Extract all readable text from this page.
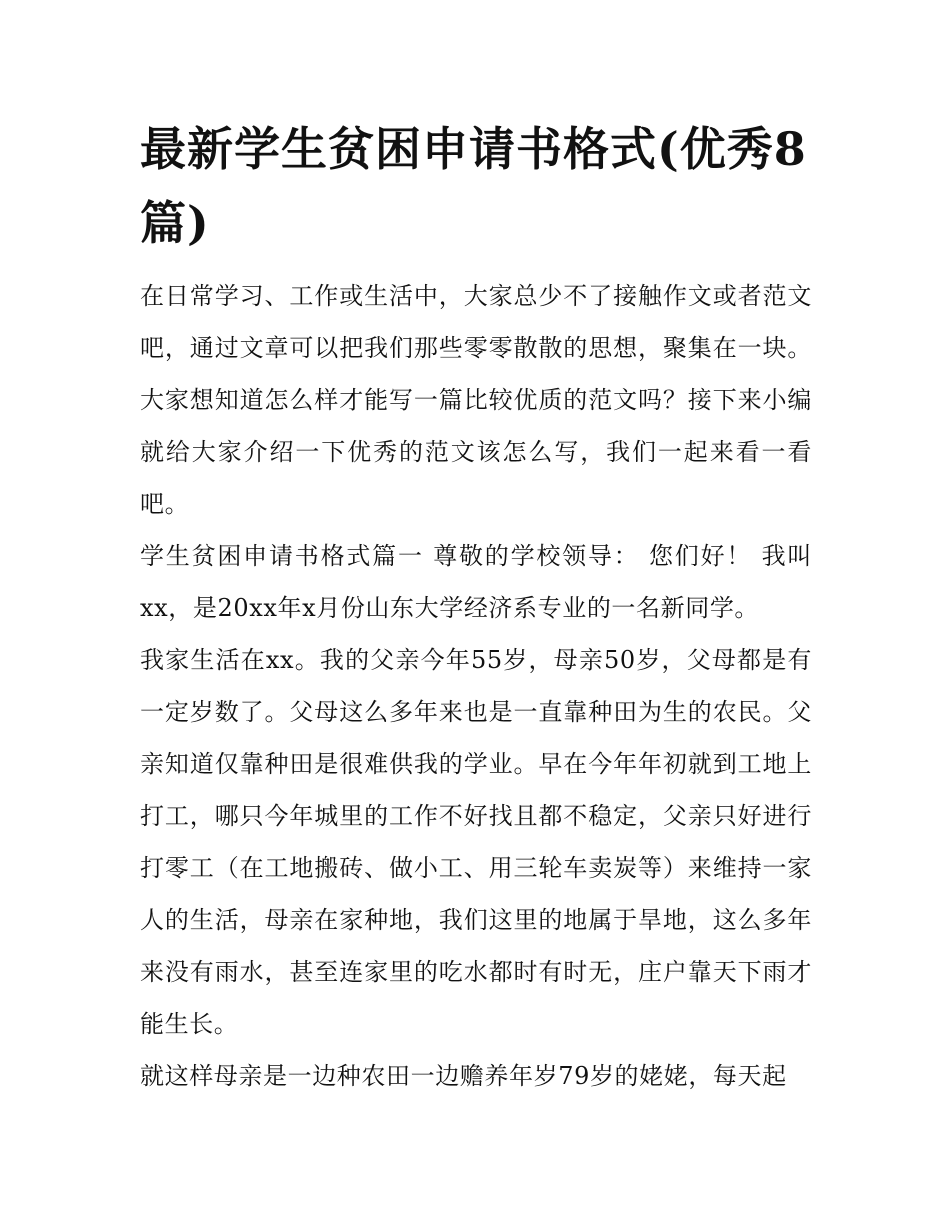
最新学生贫困申请书格式(优秀8篇)

在日常学习、工作或生活中，大家总少不了接触作文或者范文吧，通过文章可以把我们那些零零散散的思想，聚集在一块。大家想知道怎么样才能写一篇比较优质的范文吗？接下来小编就给大家介绍一下优秀的范文该怎么写，我们一起来看一看吧。

学生贫困申请书格式篇一 尊敬的学校领导： 您们好！ 我叫xx，是20xx年x月份山东大学经济系专业的一名新同学。

我家生活在xx。我的父亲今年55岁，母亲50岁，父母都是有一定岁数了。父母这么多年来也是一直靠种田为生的农民。父亲知道仅靠种田是很难供我的学业。早在今年年初就到工地上打工，哪只今年城里的工作不好找且都不稳定，父亲只好进行打零工（在工地搬砖、做小工、用三轮车卖炭等）来维持一家人的生活，母亲在家种地，我们这里的地属于旱地，这么多年来没有雨水，甚至连家里的吃水都时有时无，庄户靠天下雨才能生长。

就这样母亲是一边种农田一边赡养年岁79岁的姥姥，每天起
